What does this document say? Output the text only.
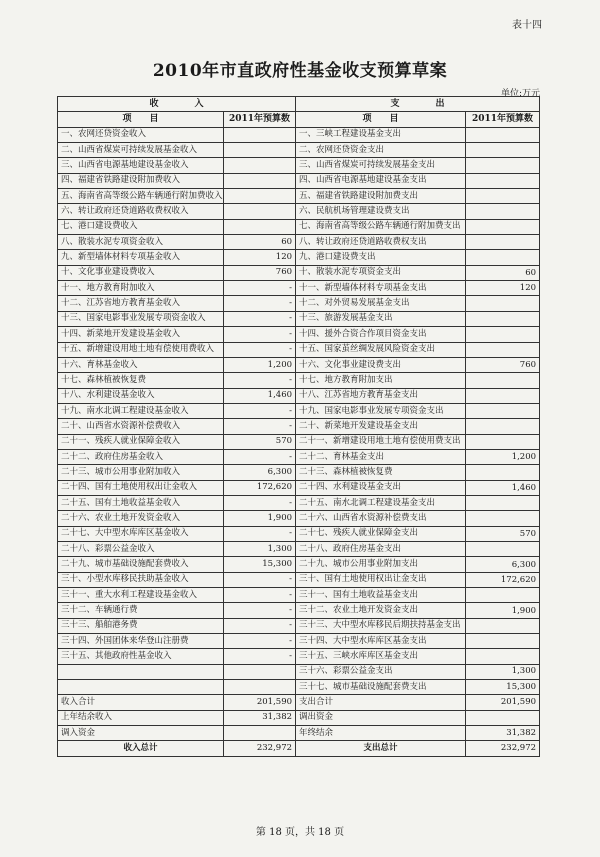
表十四
2010年市直政府性基金收支预算草案
单位:万元
收　　　　入		支　　　　出	
项　　目	2011年预算数	项　　目	2011年预算数
一、农网还贷资金收入		一、三峡工程建设基金支出	
二、山西省煤炭可持续发展基金收入		二、农网还贷资金支出	
三、山西省电源基地建设基金收入		三、山西省煤炭可持续发展基金支出	
四、福建省铁路建设附加费收入		四、山西省电源基地建设基金支出	
五、海南省高等级公路车辆通行附加费收入		五、福建省铁路建设附加费支出	
六、转让政府还贷道路收费权收入		六、民航机场管理建设费支出	
七、港口建设费收入		七、海南省高等级公路车辆通行附加费支出	
八、散装水泥专项资金收入	60	八、转让政府还贷道路收费权支出	
九、新型墙体材料专项基金收入	120	九、港口建设费支出	
十、文化事业建设费收入	760	十、散装水泥专项资金支出	60
十一、地方教育附加收入	-	十一、新型墙体材料专项基金支出	120
十二、江苏省地方教育基金收入	-	十二、对外贸易发展基金支出	
十三、国家电影事业发展专项资金收入	-	十三、旅游发展基金支出	
十四、新菜地开发建设基金收入	-	十四、援外合资合作项目资金支出	
十五、新增建设用地土地有偿使用费收入	-	十五、国家茧丝绸发展风险资金支出	
十六、育林基金收入	1,200	十六、文化事业建设费支出	760
十七、森林植被恢复费	-	十七、地方教育附加支出	
十八、水利建设基金收入	1,460	十八、江苏省地方教育基金支出	
十九、南水北调工程建设基金收入	-	十九、国家电影事业发展专项资金支出	
二十、山西省水资源补偿费收入	-	二十、新菜地开发建设基金支出	
二十一、残疾人就业保障金收入	570	二十一、新增建设用地土地有偿使用费支出	
二十二、政府住房基金收入	-	二十二、育林基金支出	1,200
二十三、城市公用事业附加收入	6,300	二十三、森林植被恢复费	
二十四、国有土地使用权出让金收入	172,620	二十四、水利建设基金支出	1,460
二十五、国有土地收益基金收入	-	二十五、南水北调工程建设基金支出	
二十六、农业土地开发资金收入	1,900	二十六、山西省水资源补偿费支出	
二十七、大中型水库库区基金收入	-	二十七、残疾人就业保障金支出	570
二十八、彩票公益金收入	1,300	二十八、政府住房基金支出	
二十九、城市基础设施配套费收入	15,300	二十九、城市公用事业附加支出	6,300
三十、小型水库移民扶助基金收入	-	三十、国有土地使用权出让金支出	172,620
三十一、重大水利工程建设基金收入	-	三十一、国有土地收益基金支出	
三十二、车辆通行费	-	三十二、农业土地开发资金支出	1,900
三十三、船舶港务费	-	三十三、大中型水库移民后期扶持基金支出	
三十四、外国团体来华登山注册费	-	三十四、大中型水库库区基金支出	
三十五、其他政府性基金收入	-	三十五、三峡水库库区基金支出	
		三十六、彩票公益金支出	1,300
		三十七、城市基础设施配套费支出	15,300
收入合计	201,590	支出合计	201,590
上年结余收入	31,382	调出资金	
调入资金		年终结余	31,382
收入总计	232,972	支出总计	232,972
第 18 页，共 18 页
